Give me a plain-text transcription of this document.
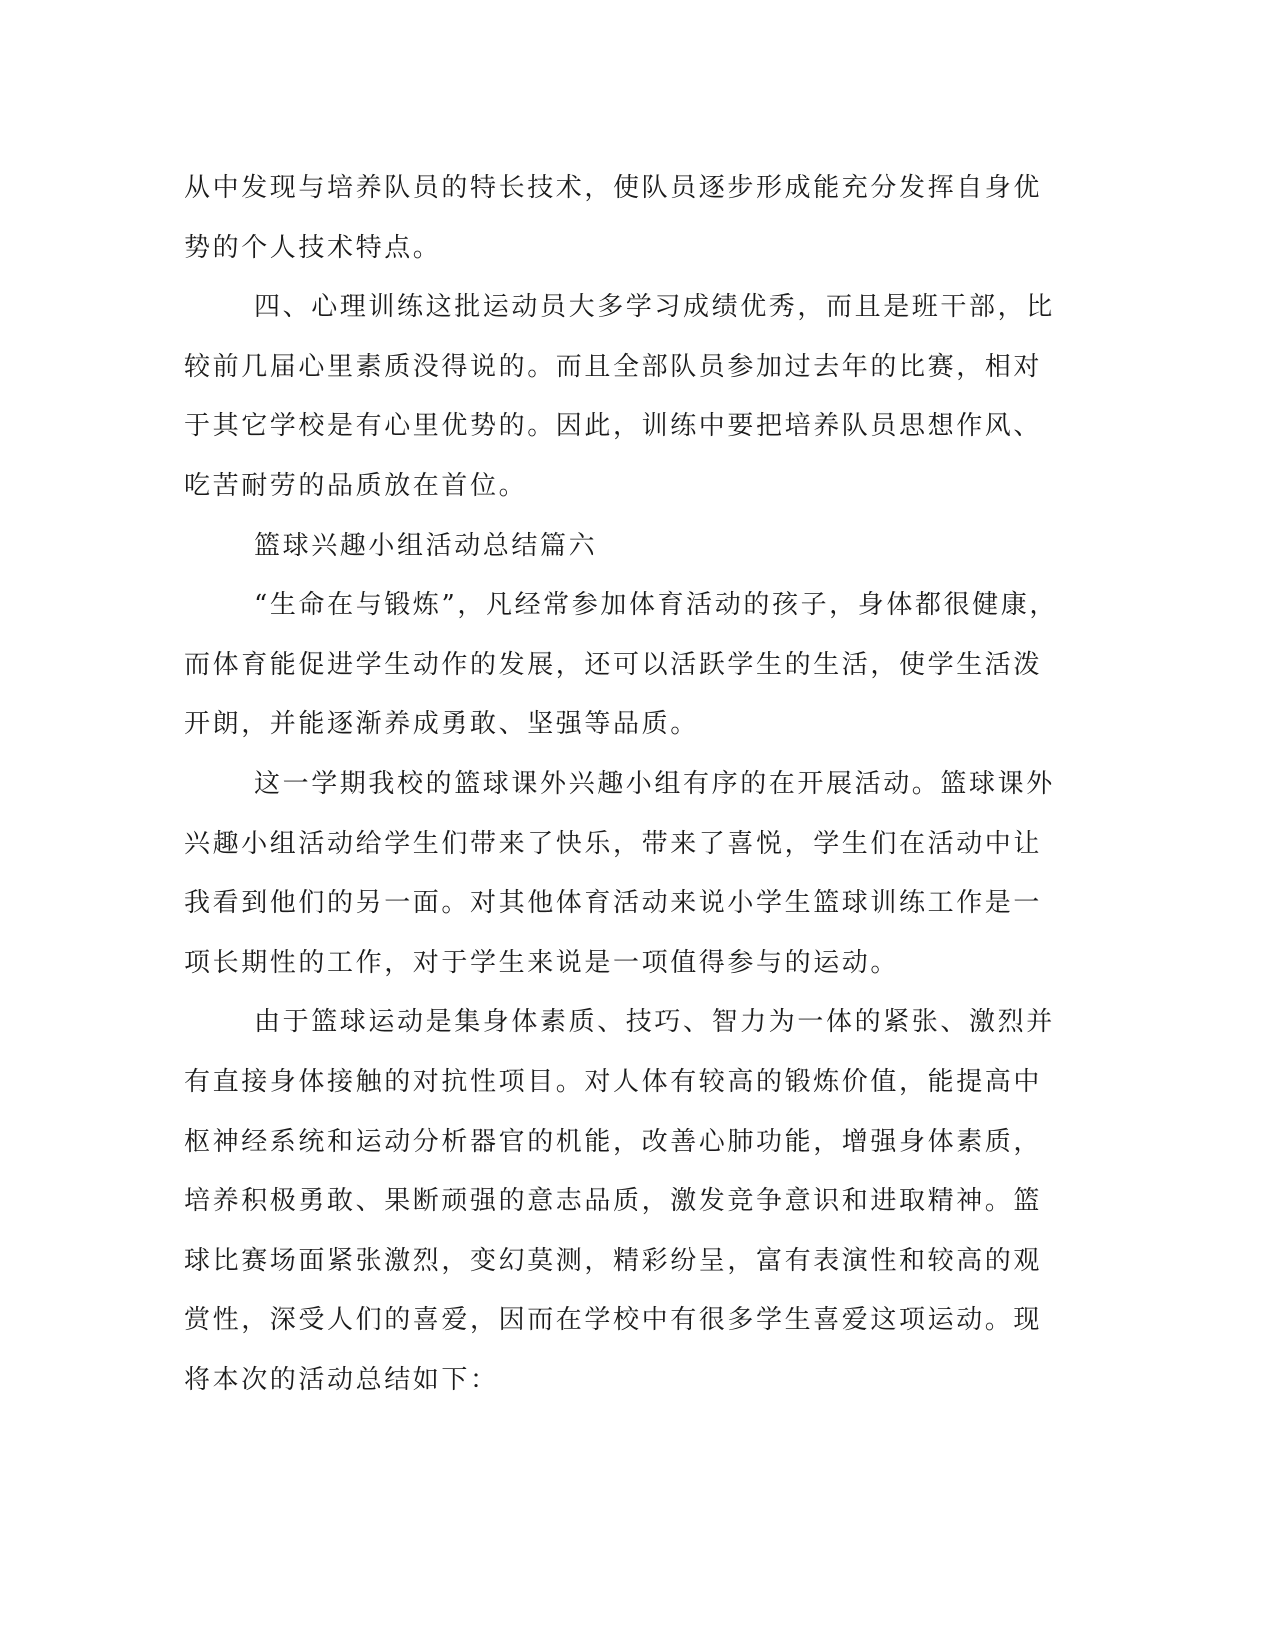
从中发现与培养队员的特长技术，使队员逐步形成能充分发挥自身优
势的个人技术特点。
四、心理训练这批运动员大多学习成绩优秀，而且是班干部，比
较前几届心里素质没得说的。而且全部队员参加过去年的比赛，相对
于其它学校是有心里优势的。因此，训练中要把培养队员思想作风、
吃苦耐劳的品质放在首位。
篮球兴趣小组活动总结篇六
“生命在与锻炼”，凡经常参加体育活动的孩子，身体都很健康，
而体育能促进学生动作的发展，还可以活跃学生的生活，使学生活泼
开朗，并能逐渐养成勇敢、坚强等品质。
这一学期我校的篮球课外兴趣小组有序的在开展活动。篮球课外
兴趣小组活动给学生们带来了快乐，带来了喜悦，学生们在活动中让
我看到他们的另一面。对其他体育活动来说小学生篮球训练工作是一
项长期性的工作，对于学生来说是一项值得参与的运动。
由于篮球运动是集身体素质、技巧、智力为一体的紧张、激烈并
有直接身体接触的对抗性项目。对人体有较高的锻炼价值，能提高中
枢神经系统和运动分析器官的机能，改善心肺功能，增强身体素质，
培养积极勇敢、果断顽强的意志品质，激发竞争意识和进取精神。篮
球比赛场面紧张激烈，变幻莫测，精彩纷呈，富有表演性和较高的观
赏性，深受人们的喜爱，因而在学校中有很多学生喜爱这项运动。现
将本次的活动总结如下：
